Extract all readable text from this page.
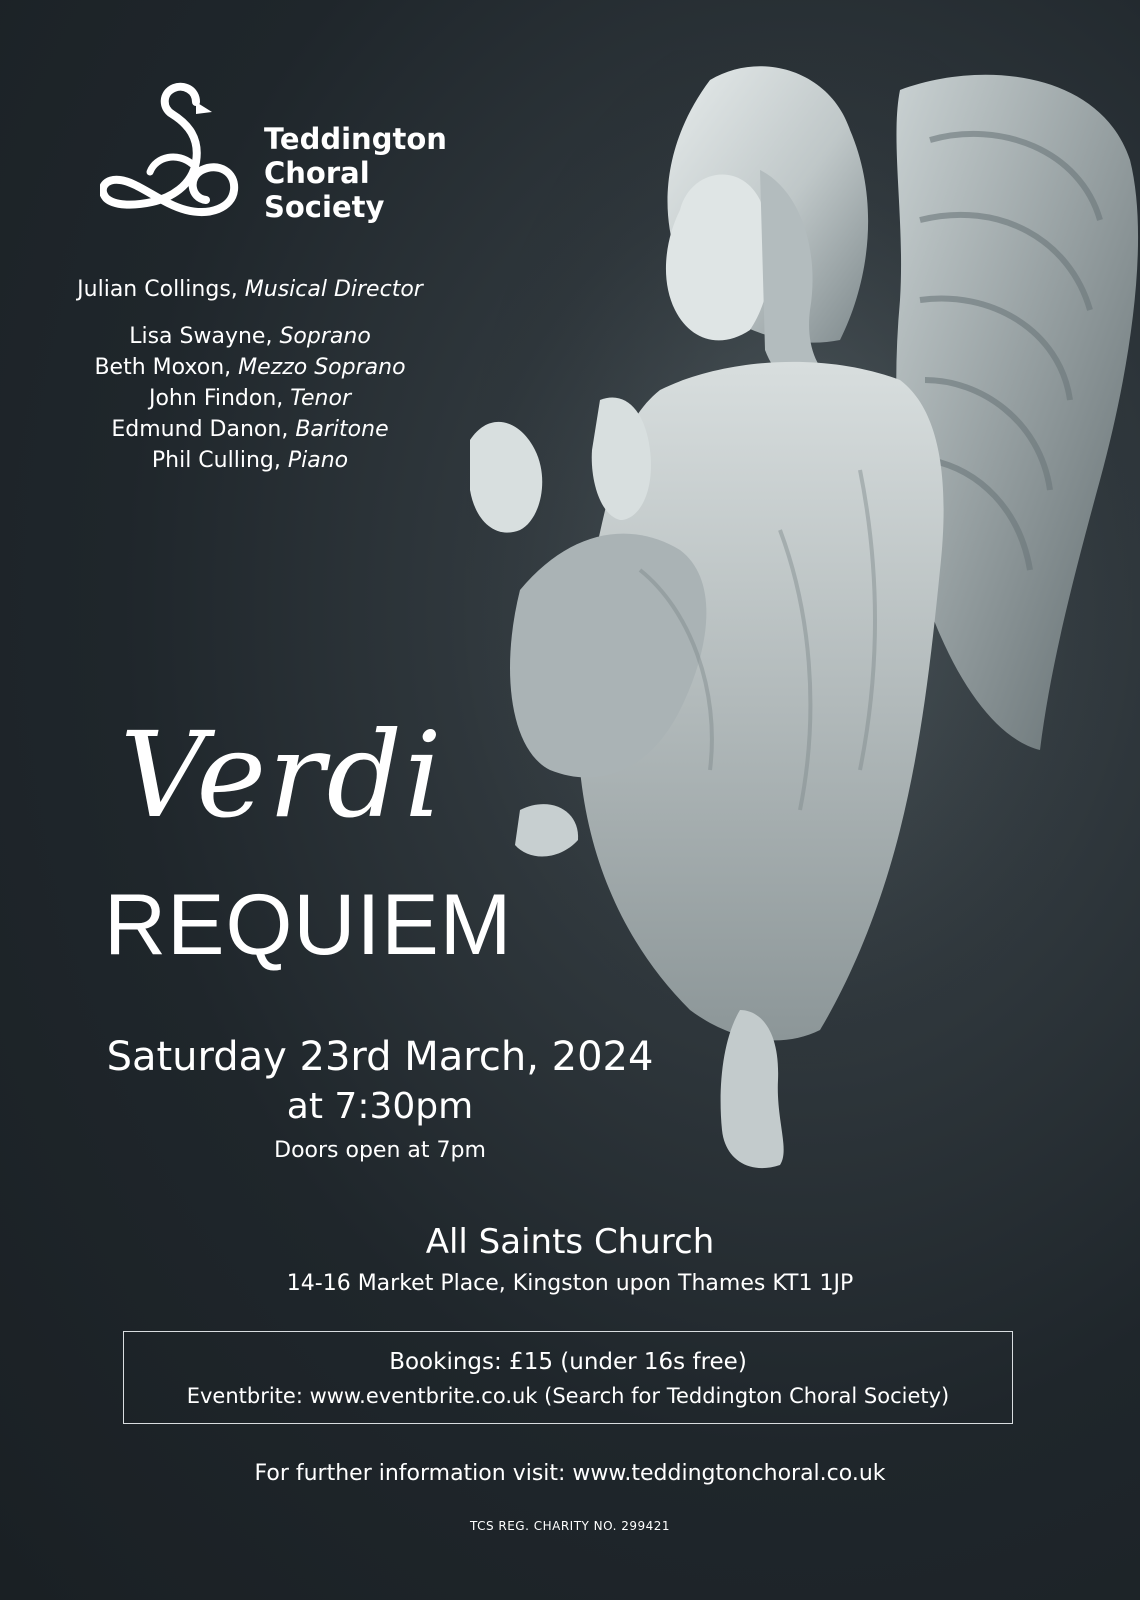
Teddington
Choral
Society
Julian Collings, Musical Director
Lisa Swayne, Soprano
Beth Moxon, Mezzo Soprano
John Findon, Tenor
Edmund Danon, Baritone
Phil Culling, Piano
Verdi
REQUIEM
Saturday 23rd March, 2024
at 7:30pm
Doors open at 7pm
All Saints Church
14-16 Market Place, Kingston upon Thames KT1 1JP
Bookings: £15 (under 16s free)
Eventbrite: www.eventbrite.co.uk (Search for Teddington Choral Society)
For further information visit: www.teddingtonchoral.co.uk
TCS REG. CHARITY NO. 299421
